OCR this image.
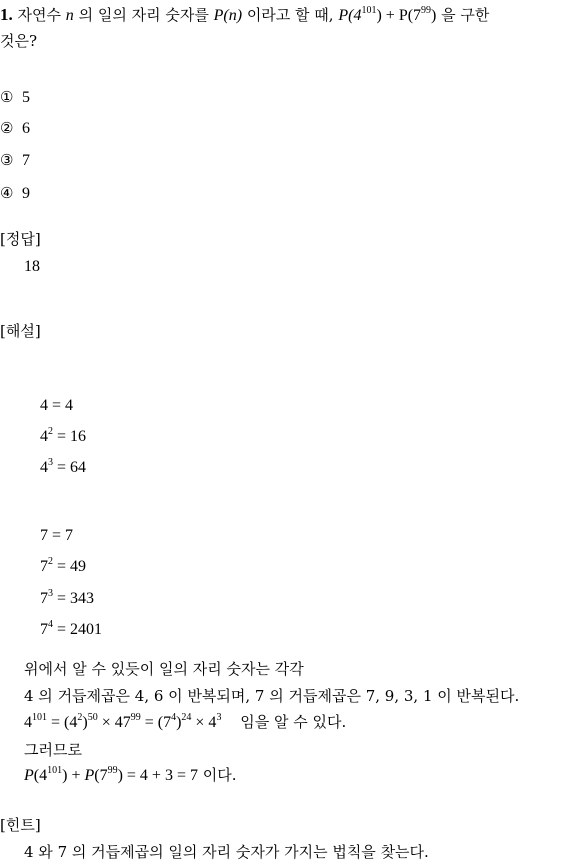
1. 자연수 n 의 일의 자리 숫자를 P(n) 이라고 할 때, $P(4^{101}) + P(7^{99})$ 을 구한
것은?
① 5
② 6
③ 7
④ 9
[정답]
18
[해설]
4 = 4
$4^2 = 16$
$4^3 = 64$
7 = 7
$7^2 = 49$
$7^3 = 343$
$7^4 = 2401$
위에서 알 수 있듯이 일의 자리 숫자는 각각
4 의 거듭제곱은 4, 6 이 반복되며, 7 의 거듭제곱은 7, 9, 3, 1 이 반복된다.
$4^{101} = (4^2)^{50} \times 47^{99} = (7^4)^{24} \times 4^3$ 임을 알 수 있다.
그러므로
$P(4^{101}) + P(7^{99}) = 4 + 3 = 7$ 이다.
[힌트]
4 와 7 의 거듭제곱의 일의 자리 숫자가 가지는 법칙을 찾는다.
